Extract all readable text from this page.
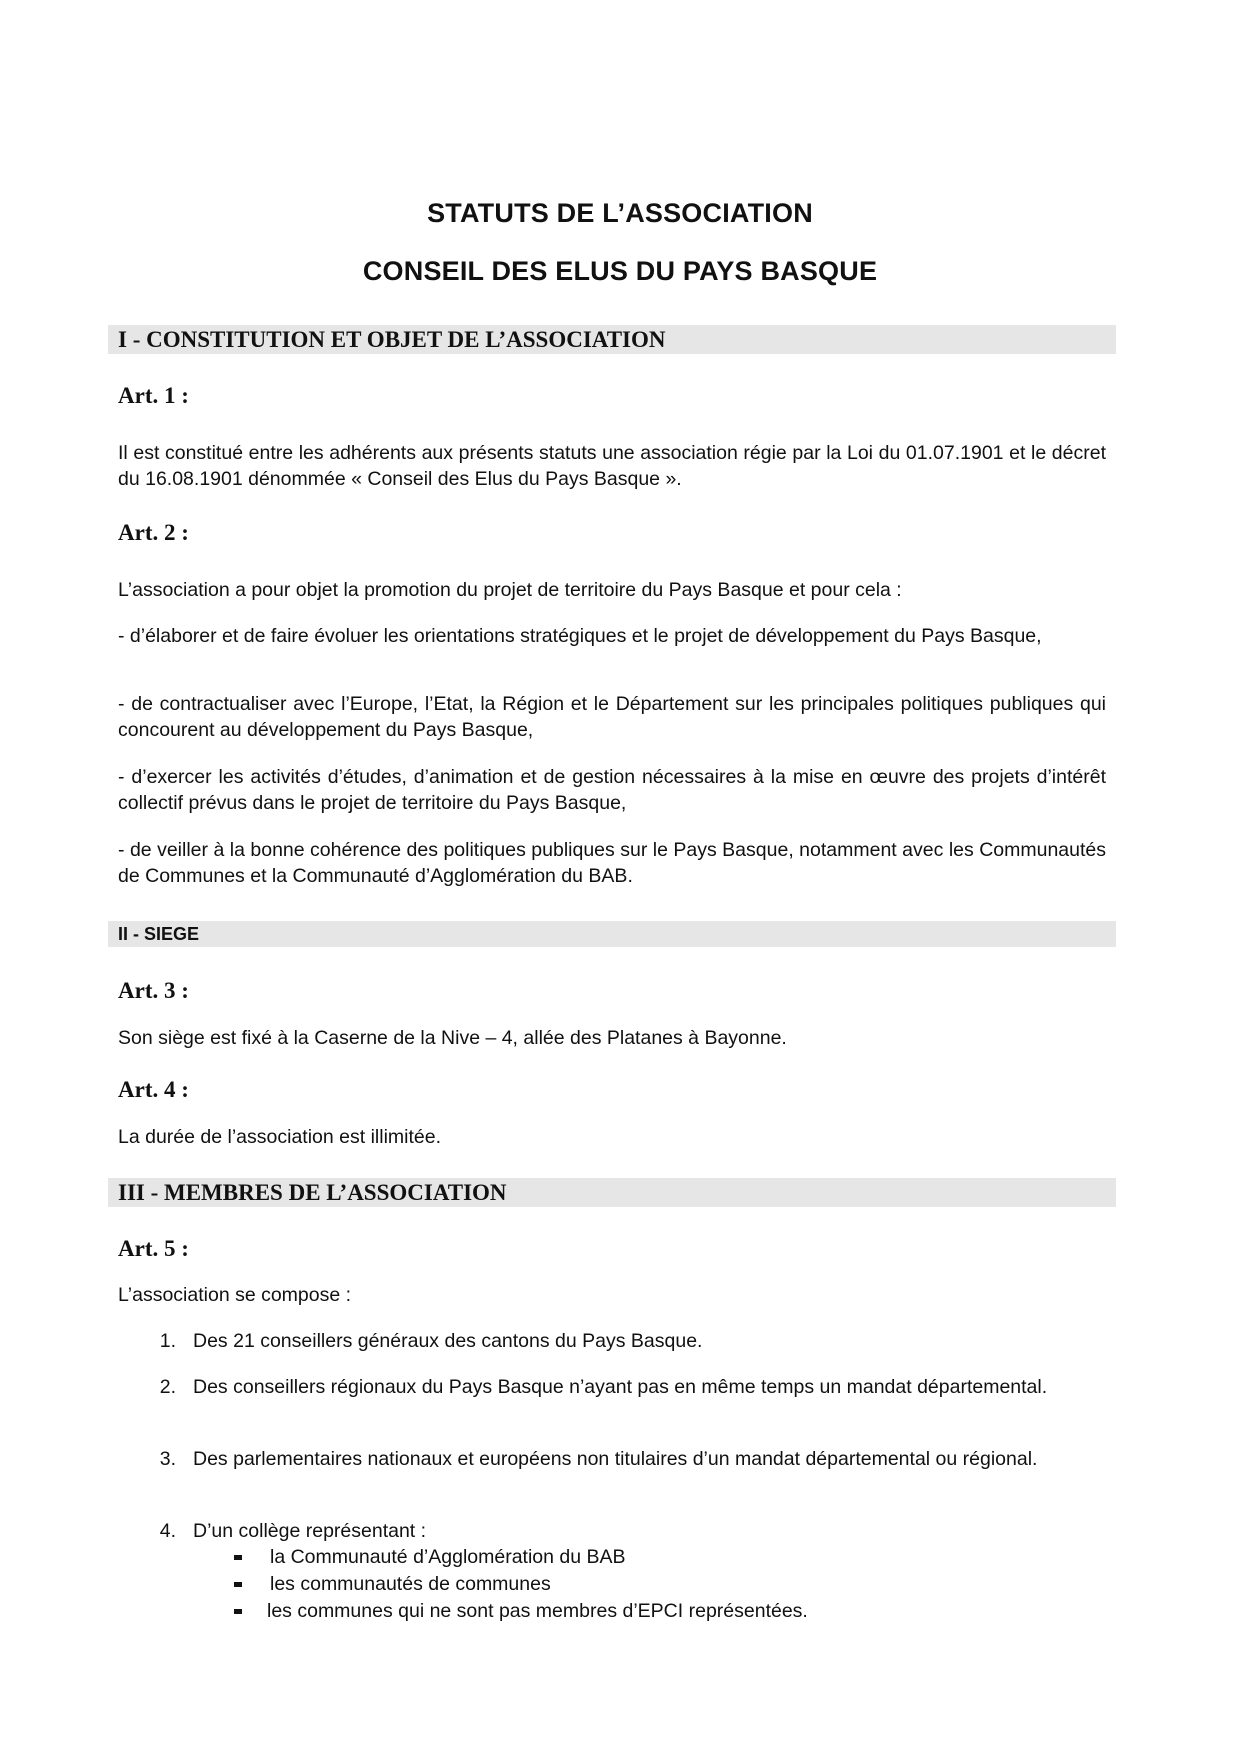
STATUTS DE L’ASSOCIATION
CONSEIL DES ELUS DU PAYS BASQUE
I - CONSTITUTION ET OBJET DE L’ASSOCIATION
Art. 1 :
Il est constitué entre les adhérents aux présents statuts une association régie par la Loi du 01.07.1901 et le décret du 16.08.1901 dénommée « Conseil des Elus du Pays Basque ».
Art. 2 :
L’association a pour objet la promotion du projet de territoire du Pays Basque et pour cela :
- d’élaborer et de faire évoluer les orientations stratégiques et le projet de développement du Pays Basque,
- de contractualiser avec l’Europe, l’Etat, la Région et le Département sur les principales politiques publiques qui concourent au développement du Pays Basque,
- d’exercer les activités d’études, d’animation et de gestion nécessaires à la mise en œuvre des projets d’intérêt collectif prévus dans le projet de territoire du Pays Basque,
- de veiller à la bonne cohérence des politiques publiques sur le Pays Basque, notamment avec les Communautés de Communes et la Communauté d’Agglomération du BAB.
II - SIEGE
Art. 3 :
Son siège est fixé à la Caserne de la Nive – 4, allée des Platanes à Bayonne.
Art. 4 :
La durée de l’association est illimitée.
III - MEMBRES DE L’ASSOCIATION
Art. 5 :
L’association se compose :
1. Des 21 conseillers généraux des cantons du Pays Basque.
2. Des conseillers régionaux du Pays Basque n’ayant pas en même temps un mandat départemental.
3. Des parlementaires nationaux et européens non titulaires d’un mandat départemental ou régional.
4. D’un collège représentant :
la Communauté d’Agglomération du BAB
les communautés de communes
les communes qui ne sont pas membres d’EPCI représentées.
